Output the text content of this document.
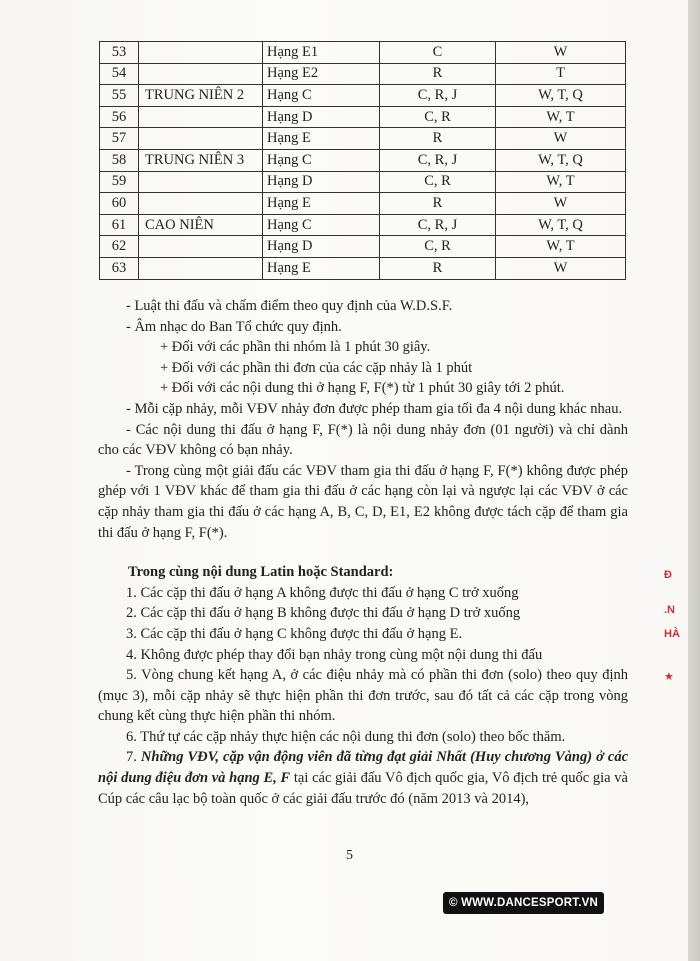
53		Hạng E1	C	W
54		Hạng E2	R	T
55	TRUNG NIÊN 2	Hạng C	C, R, J	W, T, Q
56		Hạng D	C, R	W, T
57		Hạng E	R	W
58	TRUNG NIÊN 3	Hạng C	C, R, J	W, T, Q
59		Hạng D	C, R	W, T
60		Hạng E	R	W
61	CAO NIÊN	Hạng C	C, R, J	W, T, Q
62		Hạng D	C, R	W, T
63		Hạng E	R	W

- Luật thi đấu và chấm điểm theo quy định của W.D.S.F.

- Âm nhạc do Ban Tổ chức quy định.

+ Đối với các phần thi nhóm là 1 phút 30 giây.

+ Đối với các phần thi đơn của các cặp nhảy là 1 phút

+ Đối với các nội dung thi ở hạng F, F(*) từ 1 phút 30 giây tới 2 phút.

- Mỗi cặp nhảy, mỗi VĐV nhảy đơn được phép tham gia tối đa 4 nội dung khác nhau.

- Các nội dung thi đấu ở hạng F, F(*) là nội dung nhảy đơn (01 người) và chỉ dành cho các VĐV không có bạn nhảy.

- Trong cùng một giải đấu các VĐV tham gia thi đấu ở hạng F, F(*) không được phép ghép với 1 VĐV khác để tham gia thi đấu ở các hạng còn lại và ngược lại các VĐV ở các cặp nhảy tham gia thi đấu ở các hạng A, B, C, D, E1, E2 không được tách cặp để tham gia thi đấu ở hạng F, F(*).

Trong cùng nội dung Latin hoặc Standard:

1. Các cặp thi đấu ở hạng A không được thi đấu ở hạng C trở xuống

2. Các cặp thi đấu ở hạng B không được thi đấu ở hạng D trở xuống

3. Các cặp thi đấu ở hạng C không được thi đấu ở hạng E.

4. Không được phép thay đổi bạn nhảy trong cùng một nội dung thi đấu

5. Vòng chung kết hạng A, ở các điệu nhảy mà có phần thi đơn (solo) theo quy định (mục 3), mỗi cặp nhảy sẽ thực hiện phần thi đơn trước, sau đó tất cả các cặp trong vòng chung kết cùng thực hiện phần thi nhóm.

6. Thứ tự các cặp nhảy thực hiện các nội dung thi đơn (solo) theo bốc thăm.

7. Những VĐV, cặp vận động viên đã từng đạt giải Nhất (Huy chương Vàng) ở các nội dung điệu đơn và hạng E, F tại các giải đấu Vô địch quốc gia, Vô địch trẻ quốc gia và Cúp các câu lạc bộ toàn quốc ở các giải đấu trước đó (năm 2013 và 2014),

5
© WWW.DANCESPORT.VN
Đ
.N
HÀ
★
